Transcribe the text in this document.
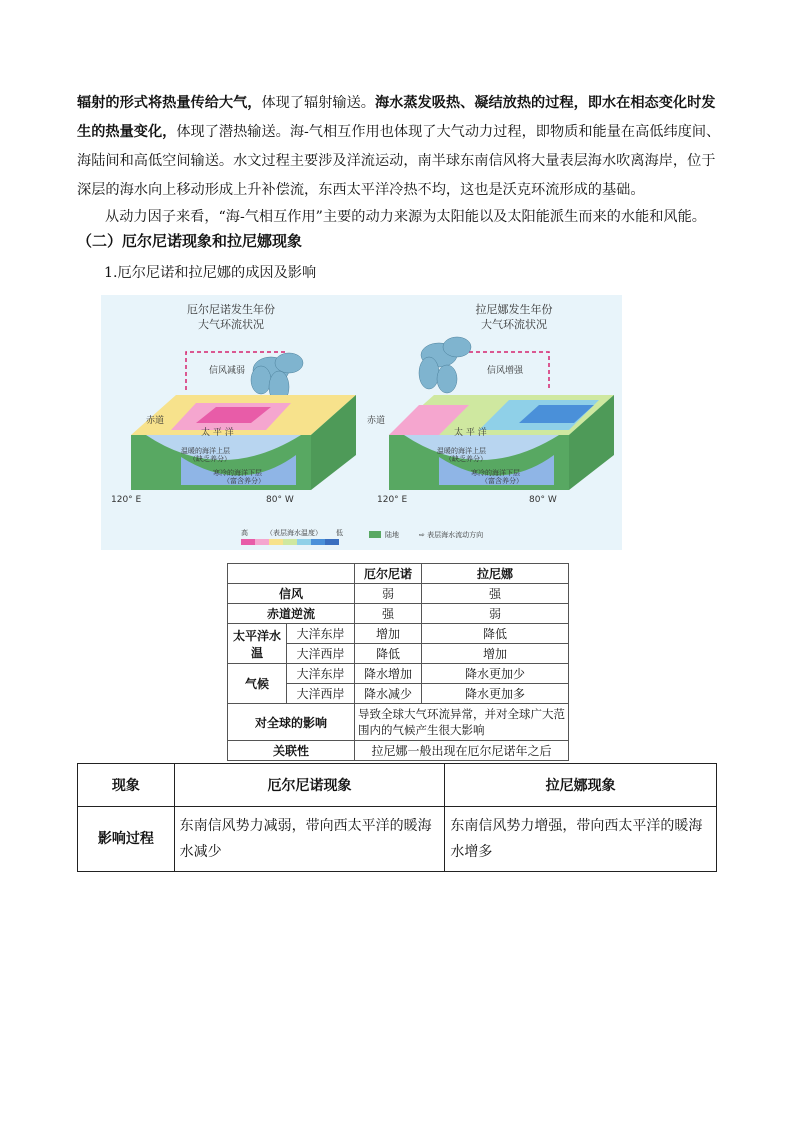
辐射的形式将热量传给大气，体现了辐射输送。海水蒸发吸热、凝结放热的过程，即水在相态变化时发生的热量变化，体现了潜热输送。海-气相互作用也体现了大气动力过程，即物质和能量在高低纬度间、海陆间和高低空间输送。水文过程主要涉及洋流运动，南半球东南信风将大量表层海水吹离海岸，位于深层的海水向上移动形成上升补偿流，东西太平洋冷热不均，这也是沃克环流形成的基础。

从动力因子来看，“海-气相互作用”主要的动力来源为太阳能以及太阳能派生而来的水能和风能。

（二）厄尔尼诺现象和拉尼娜现象

1.厄尔尼诺和拉尼娜的成因及影响

厄尔尼诺发生年份
大气环流状况
信风减弱
赤道
太 平 洋
温暖的海洋上层
（缺乏养分）
寒冷的海洋下层
（富含养分）
120° E	80° W
拉尼娜发生年份
大气环流状况
信风增强
赤道
太 平 洋
温暖的海洋上层
（缺乏养分）
寒冷的海洋下层
（富含养分）
120° E	80° W
高	（表层海水温度） 低	陆地	⇨ 表层海水流动方向
		厄尔尼诺	拉尼娜
信风		弱	强
赤道逆流		强	弱
太平洋水温	大洋东岸	增加	降低
	大洋西岸	降低	增加
气候	大洋东岸	降水增加	降水更加少
	大洋西岸	降水减少	降水更加多
对全球的影响		导致全球大气环流异常，并对全球广大范围内的气候产生很大影响	
关联性		拉尼娜一般出现在厄尔尼诺年之后	
现象	厄尔尼诺现象	拉尼娜现象
影响过程	东南信风势力减弱，带向西太平洋的暖海水减少	东南信风势力增强，带向西太平洋的暖海水增多
